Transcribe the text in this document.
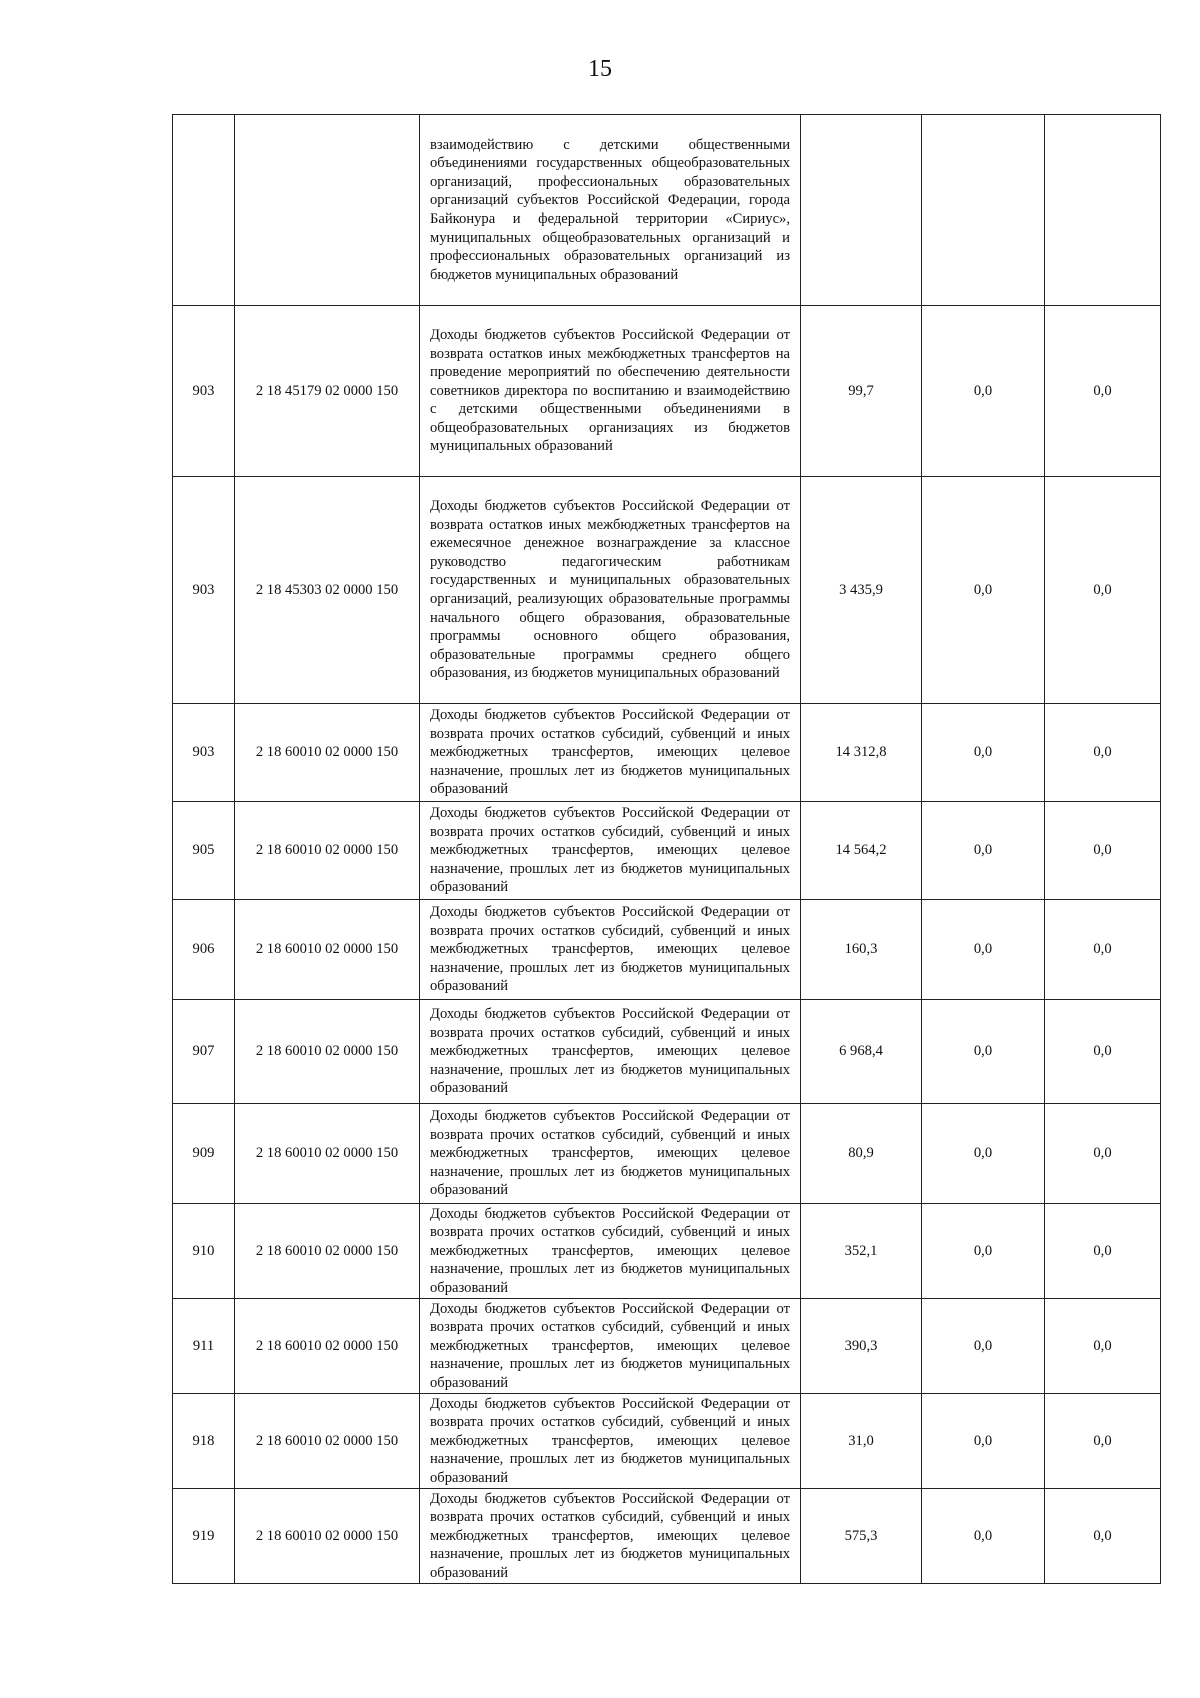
15
		взаимодействию с детскими общественными объединениями государственных общеобразовательных организаций, профессиональных образовательных организаций субъектов Российской Федерации, города Байконура и федеральной территории «Сириус», муниципальных общеобразовательных организаций и профессиональных образовательных организаций из бюджетов муниципальных образований			
903	2 18 45179 02 0000 150	Доходы бюджетов субъектов Российской Федерации от возврата остатков иных межбюджетных трансфертов на проведение мероприятий по обеспечению деятельности советников директора по воспитанию и взаимодействию с детскими общественными объединениями в общеобразовательных организациях из бюджетов муниципальных образований	99,7	0,0	0,0
903	2 18 45303 02 0000 150	Доходы бюджетов субъектов Российской Федерации от возврата остатков иных межбюджетных трансфертов на ежемесячное денежное вознаграждение за классное руководство педагогическим работникам государственных и муниципальных образовательных организаций, реализующих образовательные программы начального общего образования, образовательные программы основного общего образования, образовательные программы среднего общего образования, из бюджетов муниципальных образований	3 435,9	0,0	0,0
903	2 18 60010 02 0000 150	Доходы бюджетов субъектов Российской Федерации от возврата прочих остатков субсидий, субвенций и иных межбюджетных трансфертов, имеющих целевое назначение, прошлых лет из бюджетов муниципальных образований	14 312,8	0,0	0,0
905	2 18 60010 02 0000 150	Доходы бюджетов субъектов Российской Федерации от возврата прочих остатков субсидий, субвенций и иных межбюджетных трансфертов, имеющих целевое назначение, прошлых лет из бюджетов муниципальных образований	14 564,2	0,0	0,0
906	2 18 60010 02 0000 150	Доходы бюджетов субъектов Российской Федерации от возврата прочих остатков субсидий, субвенций и иных межбюджетных трансфертов, имеющих целевое назначение, прошлых лет из бюджетов муниципальных образований	160,3	0,0	0,0
907	2 18 60010 02 0000 150	Доходы бюджетов субъектов Российской Федерации от возврата прочих остатков субсидий, субвенций и иных межбюджетных трансфертов, имеющих целевое назначение, прошлых лет из бюджетов муниципальных образований	6 968,4	0,0	0,0
909	2 18 60010 02 0000 150	Доходы бюджетов субъектов Российской Федерации от возврата прочих остатков субсидий, субвенций и иных межбюджетных трансфертов, имеющих целевое назначение, прошлых лет из бюджетов муниципальных образований	80,9	0,0	0,0
910	2 18 60010 02 0000 150	Доходы бюджетов субъектов Российской Федерации от возврата прочих остатков субсидий, субвенций и иных межбюджетных трансфертов, имеющих целевое назначение, прошлых лет из бюджетов муниципальных образований	352,1	0,0	0,0
911	2 18 60010 02 0000 150	Доходы бюджетов субъектов Российской Федерации от возврата прочих остатков субсидий, субвенций и иных межбюджетных трансфертов, имеющих целевое назначение, прошлых лет из бюджетов муниципальных образований	390,3	0,0	0,0
918	2 18 60010 02 0000 150	Доходы бюджетов субъектов Российской Федерации от возврата прочих остатков субсидий, субвенций и иных межбюджетных трансфертов, имеющих целевое назначение, прошлых лет из бюджетов муниципальных образований	31,0	0,0	0,0
919	2 18 60010 02 0000 150	Доходы бюджетов субъектов Российской Федерации от возврата прочих остатков субсидий, субвенций и иных межбюджетных трансфертов, имеющих целевое назначение, прошлых лет из бюджетов муниципальных образований	575,3	0,0	0,0
